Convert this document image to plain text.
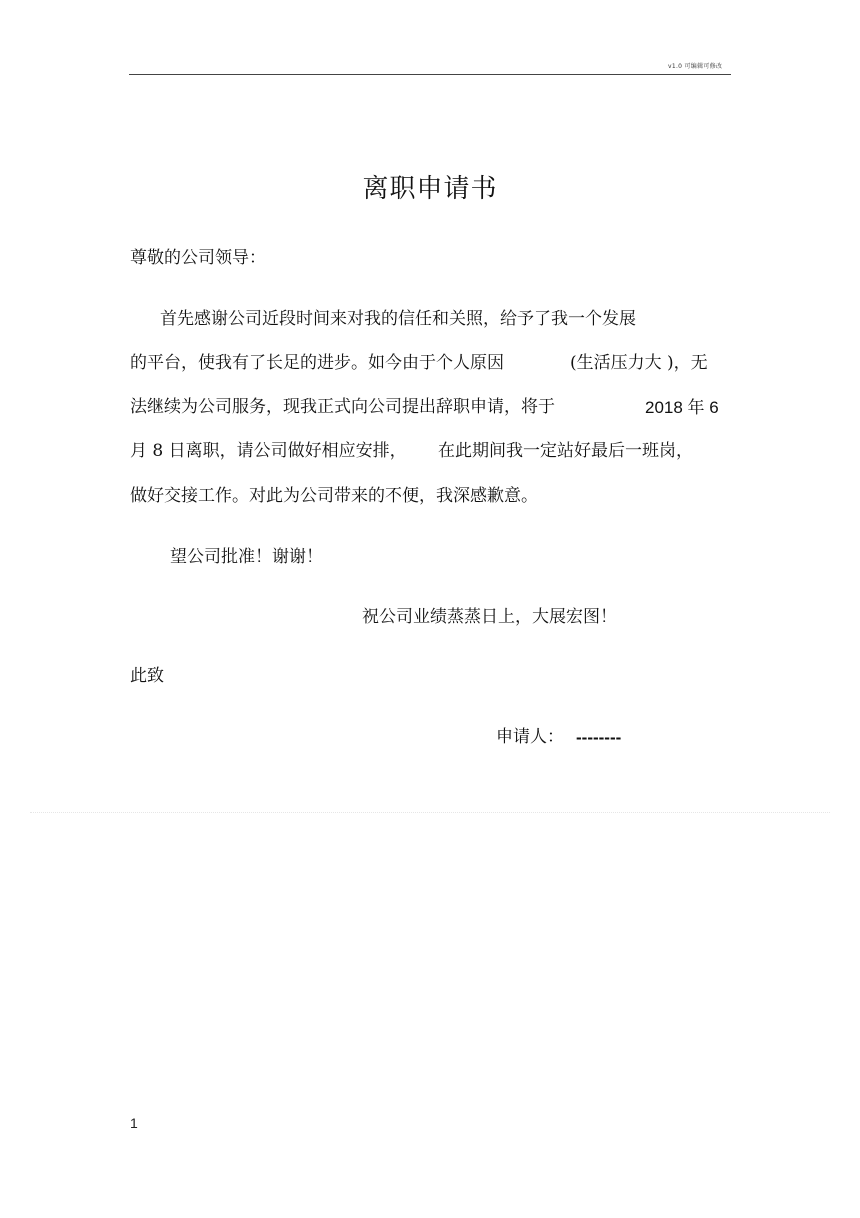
v1.0 可编辑可修改
离职申请书
尊敬的公司领导：
首先感谢公司近段时间来对我的信任和关照，给予了我一个发展
的平台，使我有了长足的进步。如今由于个人原因	(生活压力大 )，无
法继续为公司服务，现我正式向公司提出辞职申请，将于	2018 年 6
月 8 日离职，请公司做好相应安排， 在此期间我一定站好最后一班岗，
做好交接工作。对此为公司带来的不便，我深感歉意。
望公司批准！谢谢！
祝公司业绩蒸蒸日上，大展宏图！
此致
申请人： --------
1
